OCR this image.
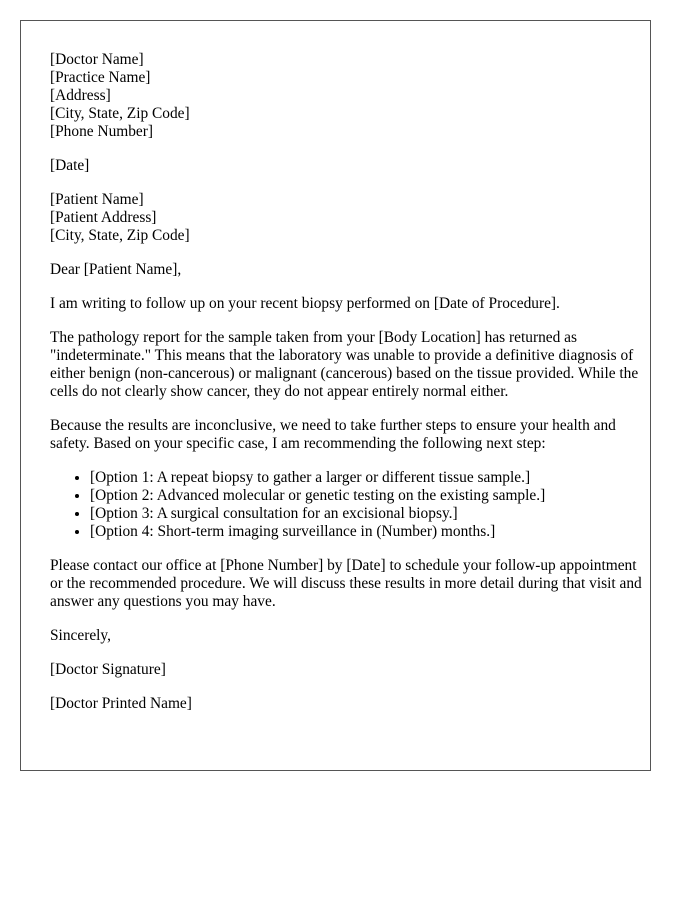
[Doctor Name]
[Practice Name]
[Address]
[City, State, Zip Code]
[Phone Number]

[Date]

[Patient Name]
[Patient Address]
[City, State, Zip Code]

Dear [Patient Name],

I am writing to follow up on your recent biopsy performed on [Date of Procedure].

The pathology report for the sample taken from your [Body Location] has returned as "indeterminate." This means that the laboratory was unable to provide a definitive diagnosis of either benign (non-cancerous) or malignant (cancerous) based on the tissue provided. While the cells do not clearly show cancer, they do not appear entirely normal either.

Because the results are inconclusive, we need to take further steps to ensure your health and safety. Based on your specific case, I am recommending the following next step:

• [Option 1: A repeat biopsy to gather a larger or different tissue sample.]
• [Option 2: Advanced molecular or genetic testing on the existing sample.]
• [Option 3: A surgical consultation for an excisional biopsy.]
• [Option 4: Short-term imaging surveillance in (Number) months.]

Please contact our office at [Phone Number] by [Date] to schedule your follow-up appointment or the recommended procedure. We will discuss these results in more detail during that visit and answer any questions you may have.

Sincerely,

[Doctor Signature]

[Doctor Printed Name]
